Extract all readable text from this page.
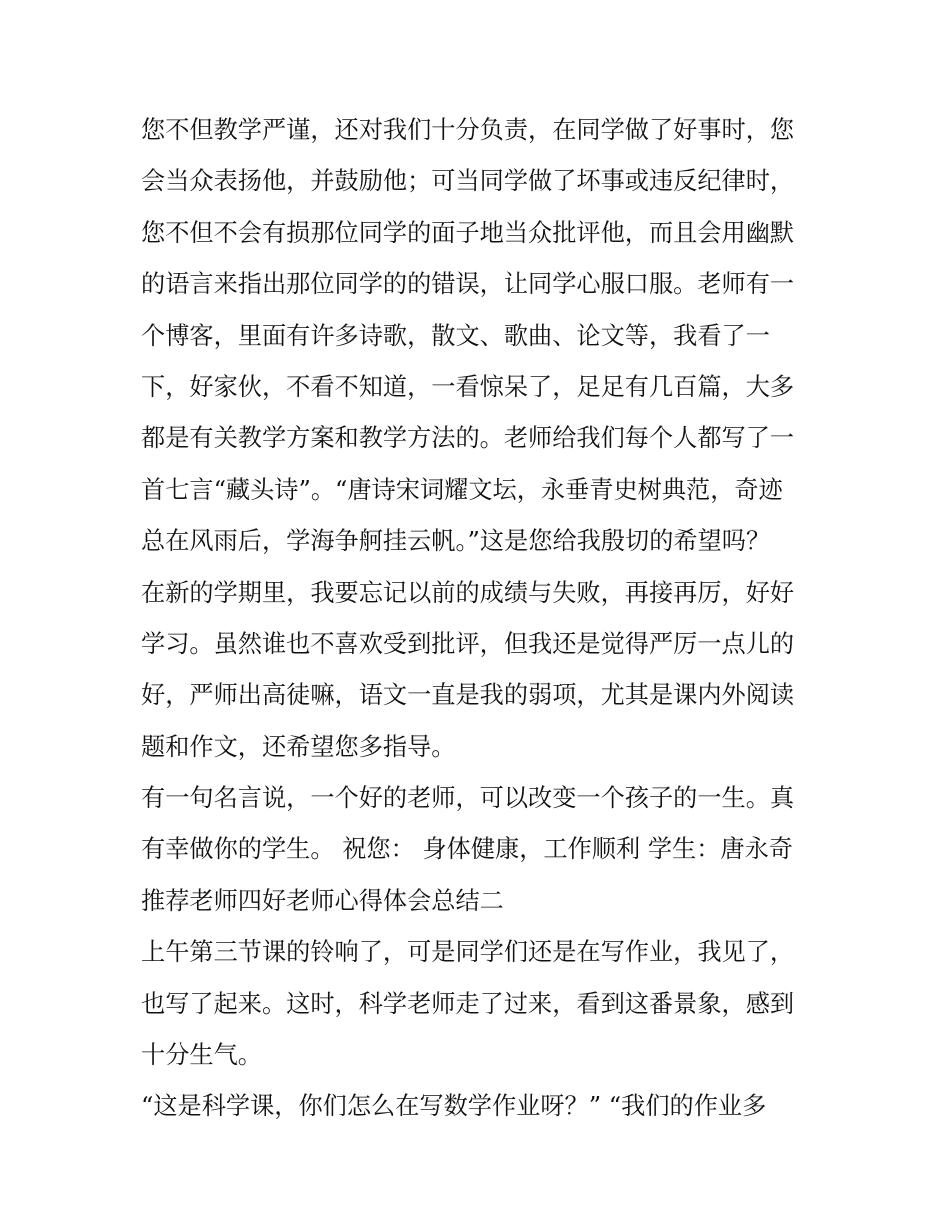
您不但教学严谨，还对我们十分负责，在同学做了好事时，您
会当众表扬他，并鼓励他；可当同学做了坏事或违反纪律时，
您不但不会有损那位同学的面子地当众批评他，而且会用幽默
的语言来指出那位同学的的错误，让同学心服口服。老师有一
个博客，里面有许多诗歌，散文、歌曲、论文等，我看了一
下，好家伙，不看不知道，一看惊呆了，足足有几百篇，大多
都是有关教学方案和教学方法的。老师给我们每个人都写了一
首七言“藏头诗”。“唐诗宋词耀文坛，永垂青史树典范，奇迹
总在风雨后，学海争舸挂云帆。”这是您给我殷切的希望吗？
在新的学期里，我要忘记以前的成绩与失败，再接再厉，好好
学习。虽然谁也不喜欢受到批评，但我还是觉得严厉一点儿的
好，严师出高徒嘛，语文一直是我的弱项，尤其是课内外阅读
题和作文，还希望您多指导。
有一句名言说，一个好的老师，可以改变一个孩子的一生。真
有幸做你的学生。 祝您： 身体健康，工作顺利 学生：唐永奇
推荐老师四好老师心得体会总结二
上午第三节课的铃响了，可是同学们还是在写作业，我见了，
也写了起来。这时，科学老师走了过来，看到这番景象，感到
十分生气。
“这是科学课，你们怎么在写数学作业呀？” “我们的作业多
